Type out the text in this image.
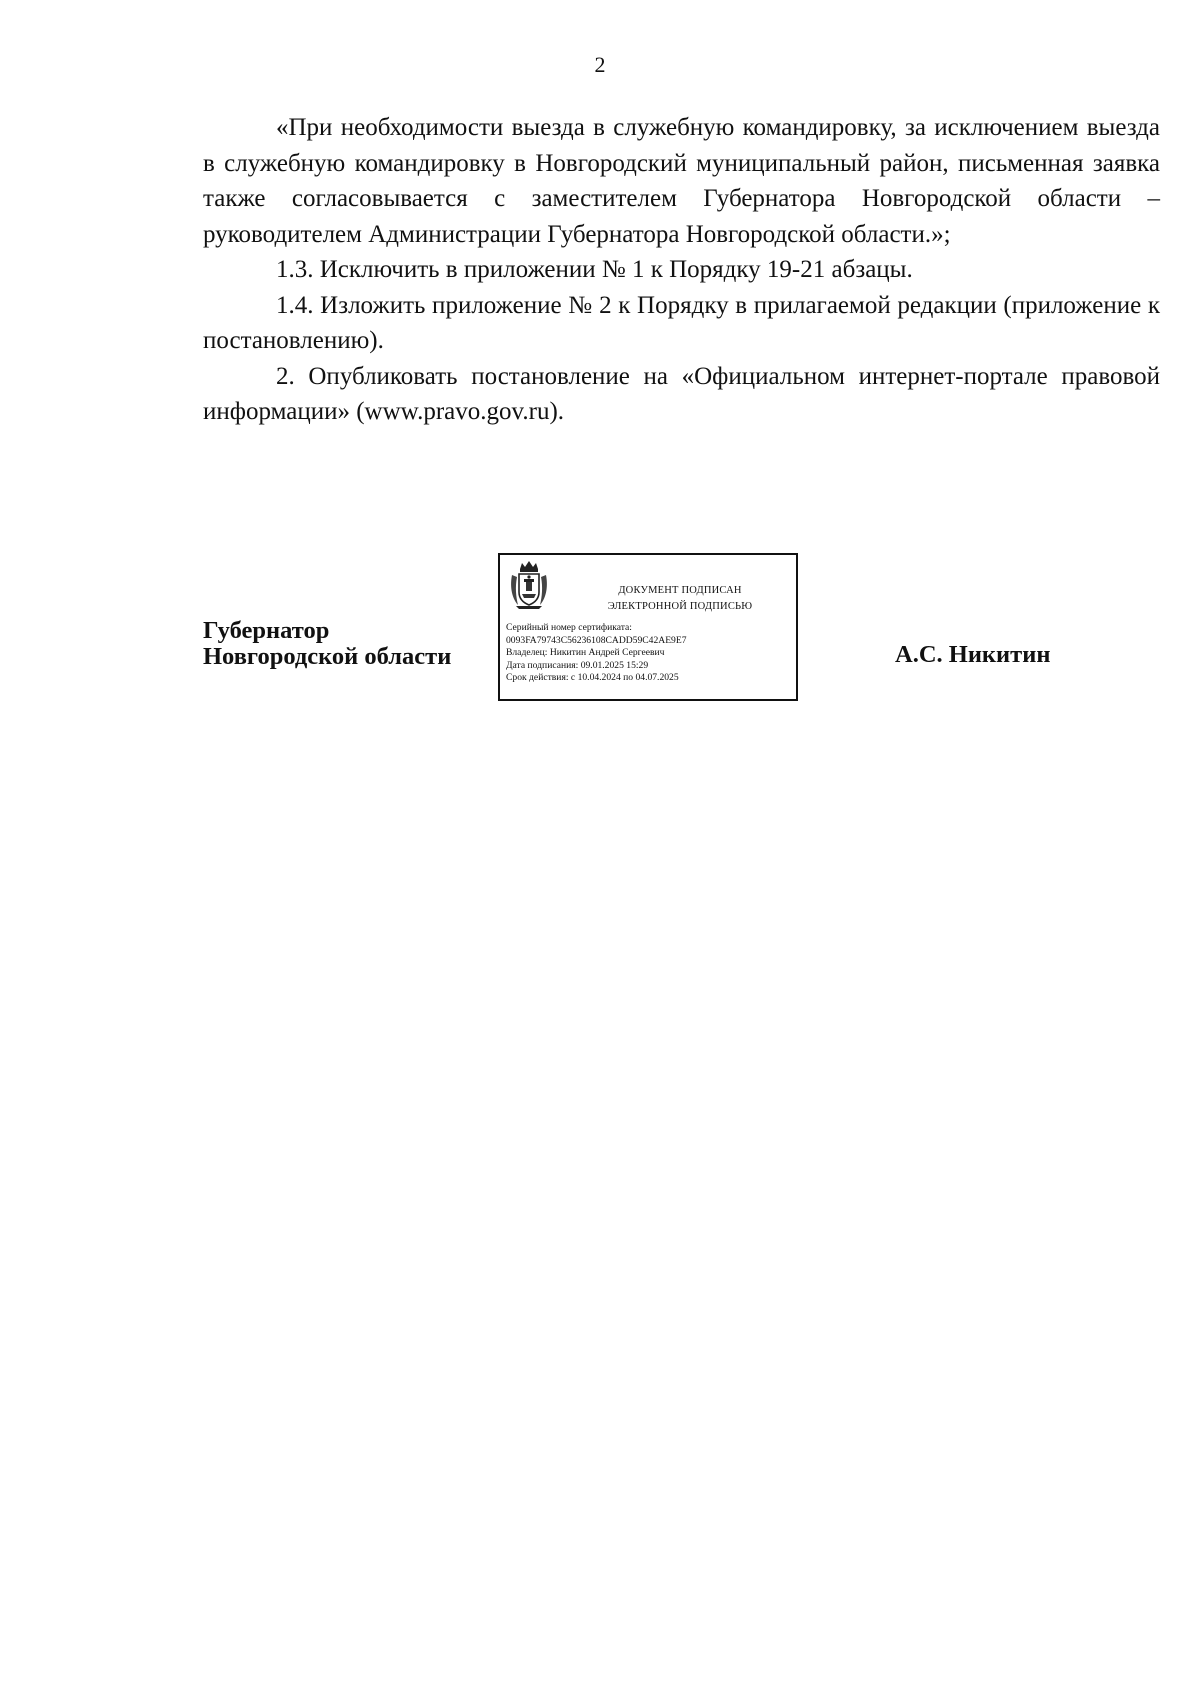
2

«При необходимости выезда в служебную командировку, за исключением выезда в служебную командировку в Новгородский муниципальный район, письменная заявка также согласовывается с заместителем Губернатора Новгородской области – руководителем Администрации Губернатора Новгородской области.»;

1.3. Исключить в приложении № 1 к Порядку 19-21 абзацы.

1.4. Изложить приложение № 2 к Порядку в прилагаемой редакции (приложение к постановлению).

2. Опубликовать постановление на «Официальном интернет-портале правовой информации» (www.pravo.gov.ru).

Губернатор
Новгородской области
ДОКУМЕНТ ПОДПИСАН
ЭЛЕКТРОННОЙ ПОДПИСЬЮ
Серийный номер сертификата:
0093FA79743C56236108CADD59C42AE9E7
Владелец: Никитин Андрей Сергеевич
Дата подписания: 09.01.2025 15:29
Срок действия: с 10.04.2024 по 04.07.2025
А.С. Никитин
